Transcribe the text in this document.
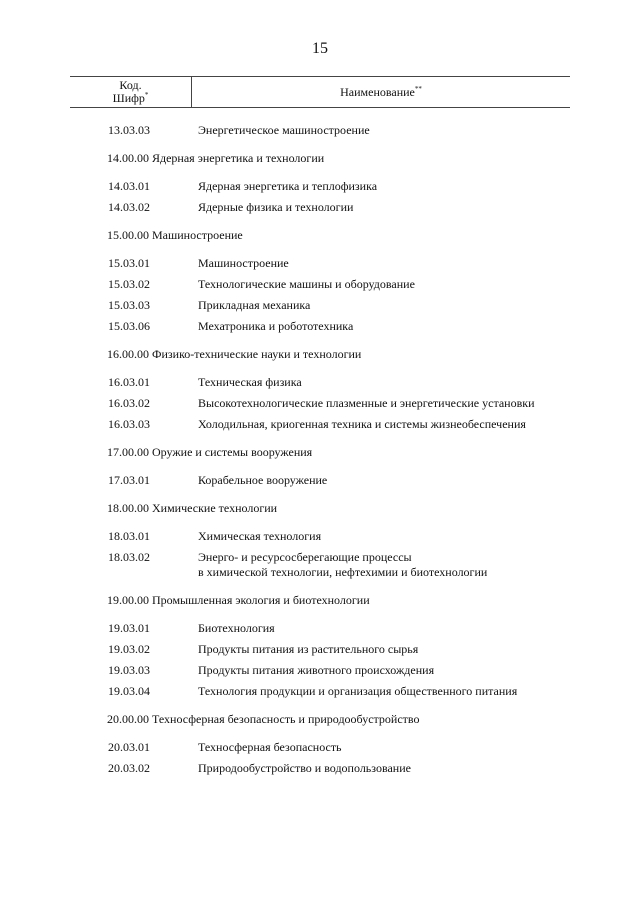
15
Код.
Шифр*	Наименование**
13.03.03	Энергетическое машиностроение
14.00.00 Ядерная энергетика и технологии
14.03.01	Ядерная энергетика и теплофизика
14.03.02	Ядерные физика и технологии
15.00.00 Машиностроение
15.03.01	Машиностроение
15.03.02	Технологические машины и оборудование
15.03.03	Прикладная механика
15.03.06	Мехатроника и робототехника
16.00.00 Физико-технические науки и технологии
16.03.01	Техническая физика
16.03.02	Высокотехнологические плазменные и энергетические установки
16.03.03	Холодильная, криогенная техника и системы жизнеобеспечения
17.00.00 Оружие и системы вооружения
17.03.01	Корабельное вооружение
18.00.00 Химические технологии
18.03.01	Химическая технология
18.03.02	Энерго- и ресурсосберегающие процессы
в химической технологии, нефтехимии и биотехнологии
19.00.00 Промышленная экология и биотехнологии
19.03.01	Биотехнология
19.03.02	Продукты питания из растительного сырья
19.03.03	Продукты питания животного происхождения
19.03.04	Технология продукции и организация общественного питания
20.00.00 Техносферная безопасность и природообустройство
20.03.01	Техносферная безопасность
20.03.02	Природообустройство и водопользование
